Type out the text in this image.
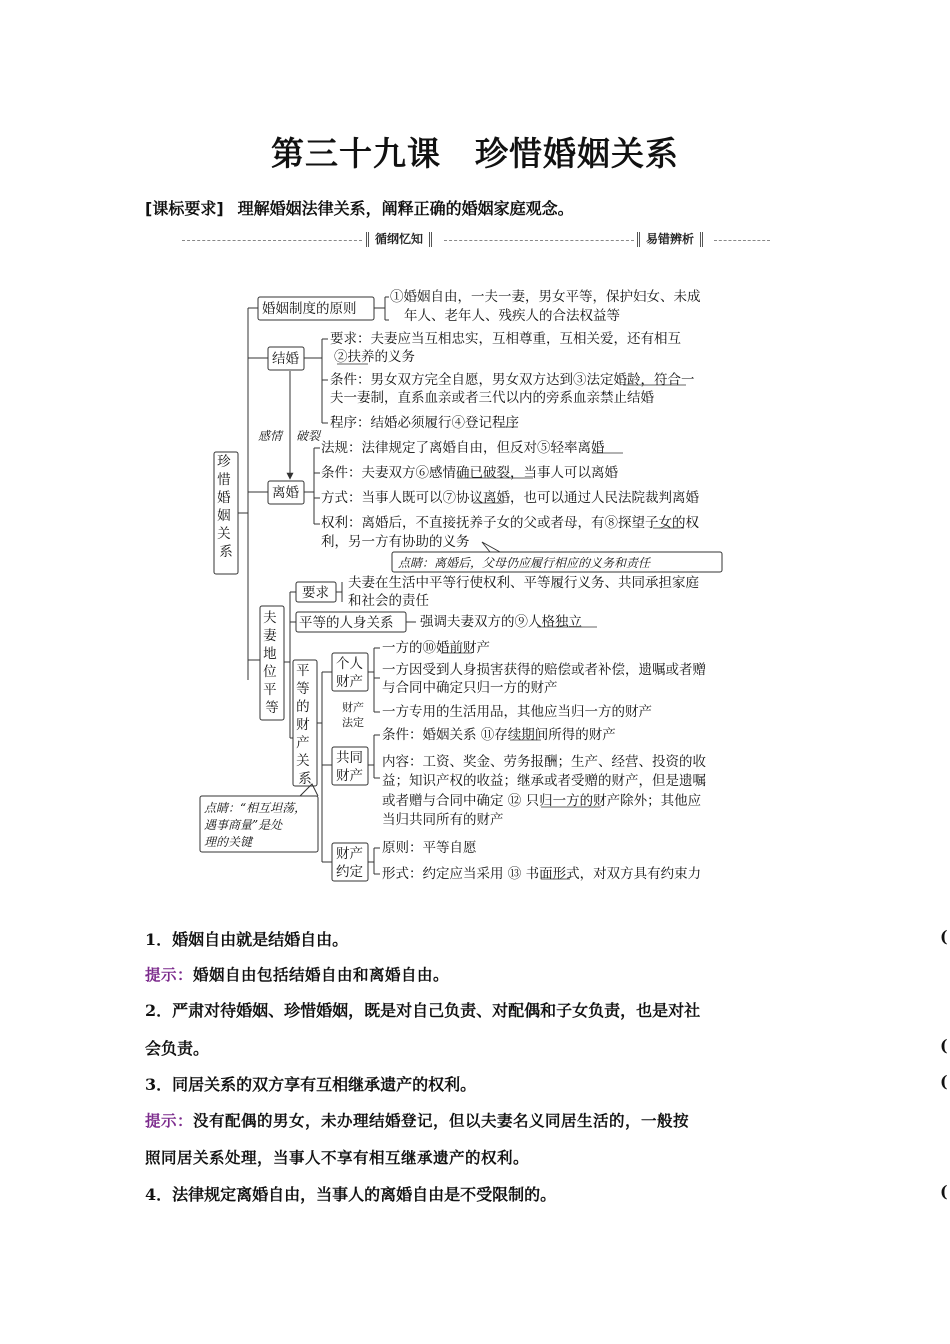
第三十九课 珍惜婚姻关系
[课标要求] 理解婚姻法律关系，阐释正确的婚姻家庭观念。
循纲忆知	易错辨析
珍 惜 婚 姻 关 系
婚姻制度的原则
①婚姻自由，一夫一妻，男女平等，保护妇女、未成
年人、老年人、残疾人的合法权益等
结婚
要求：夫妻应当互相忠实，互相尊重，互相关爱，还有相互
②扶养的义务
条件：男女双方完全自愿，男女双方达到③法定婚龄，符合一
夫一妻制，直系血亲或者三代以内的旁系血亲禁止结婚
程序：结婚必须履行④登记程序
感情 破裂
离婚
法规：法律规定了离婚自由，但反对⑤轻率离婚
条件：夫妻双方⑥感情确已破裂，当事人可以离婚
方式：当事人既可以⑦协议离婚，也可以通过人民法院裁判离婚
权利：离婚后，不直接抚养子女的父或者母，有⑧探望子女的权
利，另一方有协助的义务
点睛：离婚后，父母仍应履行相应的义务和责任
夫 妻 地 位 平 等
要求
夫妻在生活中平等行使权利、平等履行义务、共同承担家庭
和社会的责任
平等的人身关系 强调夫妻双方的⑨人格独立
平 等 的 财 产 关 系
个人
财产
财产
法定
一方的⑩婚前财产
一方因受到人身损害获得的赔偿或者补偿，遗嘱或者赠
与合同中确定只归一方的财产
一方专用的生活用品，其他应当归一方的财产
共同
财产
条件：婚姻关系 ⑪存续期间所得的财产
内容：工资、奖金、劳务报酬；生产、经营、投资的收
益；知识产权的收益；继承或者受赠的财产，但是遗嘱
或者赠与合同中确定 ⑫ 只归一方的财产除外；其他应
当归共同所有的财产
财产
约定
原则：平等自愿
形式：约定应当采用 ⑬ 书面形式，对双方具有约束力
点睛：“相互坦荡，
遇事商量”是处
理的关键
1．婚姻自由就是结婚自由。	(
提示：婚姻自由包括结婚自由和离婚自由。
2．严肃对待婚姻、珍惜婚姻，既是对自己负责、对配偶和子女负责，也是对社
会负责。	(
3．同居关系的双方享有互相继承遗产的权利。	(
提示：没有配偶的男女，未办理结婚登记，但以夫妻名义同居生活的，一般按
照同居关系处理，当事人不享有相互继承遗产的权利。
4．法律规定离婚自由，当事人的离婚自由是不受限制的。	(
